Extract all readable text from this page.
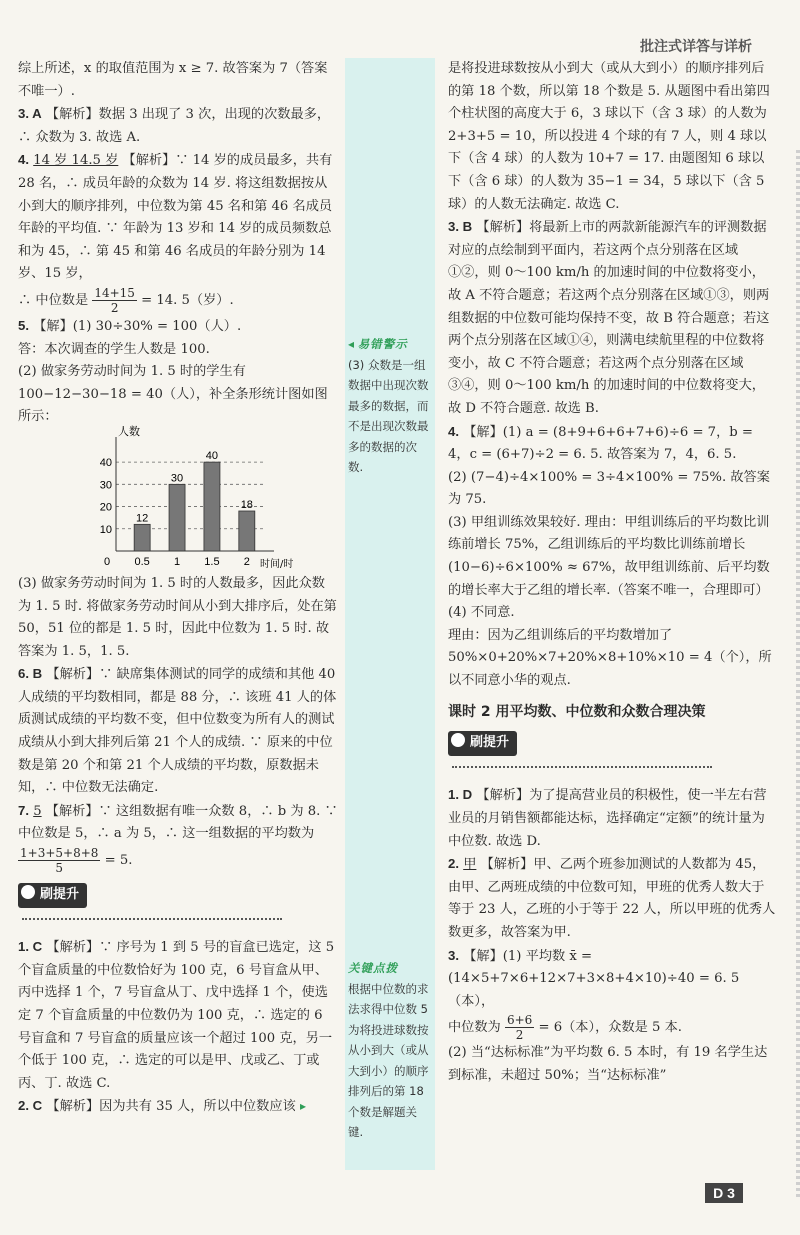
批注式详答与详析

综上所述，x 的取值范围为 x ≥ 7. 故答案为 7（答案不唯一）.

3. A 【解析】数据 3 出现了 3 次，出现的次数最多，∴ 众数为 3. 故选 A.

4. 14 岁 14.5 岁 【解析】∵ 14 岁的成员最多，共有 28 名，∴ 成员年龄的众数为 14 岁. 将这组数据按从小到大的顺序排列，中位数为第 45 名和第 46 名成员年龄的平均值. ∵ 年龄为 13 岁和 14 岁的成员频数总和为 45，∴ 第 45 和第 46 名成员的年龄分别为 14 岁、15 岁，

∴ 中位数是 $\frac{14+15}{2} = 14$. 5（岁）.

5. 【解】(1) 30÷30% = 100（人）.

答：本次调查的学生人数是 100.

(2) 做家务劳动时间为 1. 5 时的学生有 100−12−30−18 = 40（人），补全条形统计图如图所示：

10
20
30
40
0
人数
时间/时
12
0.5
30
1
40
1.5
18
2

(3) 做家务劳动时间为 1. 5 时的人数最多，因此众数为 1. 5 时. 将做家务劳动时间从小到大排序后，处在第 50，51 位的都是 1. 5 时，因此中位数为 1. 5 时. 故答案为 1. 5，1. 5.

6. B 【解析】∵ 缺席集体测试的同学的成绩和其他 40 人成绩的平均数相同，都是 88 分，∴ 该班 41 人的体质测试成绩的平均数不变，但中位数变为所有人的测试成绩从小到大排列后第 21 个人的成绩. ∵ 原来的中位数是第 20 个和第 21 个人成绩的平均数，原数据未知，∴ 中位数无法确定.

7. 5 【解析】∵ 这组数据有唯一众数 8，∴ b 为 8. ∵ 中位数是 5，∴ a 为 5，∴ 这一组数据的平均数为
$\frac{1+3+5+8+8}{5} = 5$.

刷提升

1. C 【解析】∵ 序号为 1 到 5 号的盲盒已选定，这 5 个盲盒质量的中位数恰好为 100 克，6 号盲盒从甲、丙中选择 1 个，7 号盲盒从丁、戊中选择 1 个，使选定 7 个盲盒质量的中位数仍为 100 克，∴ 选定的 6 号盲盒和 7 号盲盒的质量应该一个超过 100 克，另一个低于 100 克，∴ 选定的可以是甲、戊或乙、丁或丙、丁. 故选 C.

2. C 【解析】因为共有 35 人，所以中位数应该 ▸

◂ 易错警示
(3) 众数是一组数据中出现次数最多的数据，而不是出现次数最多的数据的次数.
关键点拨
根据中位数的求法求得中位数 5 为将投进球数按从小到大（或从大到小）的顺序排列后的第 18 个数是解题关键.

是将投进球数按从小到大（或从大到小）的顺序排列后的第 18 个数，所以第 18 个数是 5. 从题图中看出第四个柱状图的高度大于 6，3 球以下（含 3 球）的人数为 2+3+5 = 10，所以投进 4 个球的有 7 人，则 4 球以下（含 4 球）的人数为 10+7 = 17. 由题图知 6 球以下（含 6 球）的人数为 35−1 = 34，5 球以下（含 5 球）的人数无法确定. 故选 C.

3. B 【解析】将最新上市的两款新能源汽车的评测数据对应的点绘制到平面内，若这两个点分别落在区域①②，则 0～100 km/h 的加速时间的中位数将变小，故 A 不符合题意；若这两个点分别落在区域①③，则两组数据的中位数可能均保持不变，故 B 符合题意；若这两个点分别落在区域①④，则满电续航里程的中位数将变小，故 C 不符合题意；若这两个点分别落在区域③④，则 0～100 km/h 的加速时间的中位数将变大，故 D 不符合题意. 故选 B.

4. 【解】(1) a = (8+9+6+6+7+6)÷6 = 7，b = 4，c = (6+7)÷2 = 6. 5. 故答案为 7，4，6. 5.

(2) (7−4)÷4×100% = 3÷4×100% = 75%. 故答案为 75.

(3) 甲组训练效果较好. 理由：甲组训练后的平均数比训练前增长 75%，乙组训练后的平均数比训练前增长 (10−6)÷6×100% ≈ 67%，故甲组训练前、后平均数的增长率大于乙组的增长率.（答案不唯一，合理即可）

(4) 不同意.

理由：因为乙组训练后的平均数增加了 50%×0+20%×7+20%×8+10%×10 = 4（个），所以不同意小华的观点.

课时 2 用平均数、中位数和众数合理决策
刷提升

1. D 【解析】为了提高营业员的积极性，使一半左右营业员的月销售额都能达标，选择确定“定额”的统计量为中位数. 故选 D.

2. 甲 【解析】甲、乙两个班参加测试的人数都为 45，由甲、乙两班成绩的中位数可知，甲班的优秀人数大于等于 23 人，乙班的小于等于 22 人，所以甲班的优秀人数更多，故答案为甲.

3. 【解】(1) 平均数 x̄ = (14×5+7×6+12×7+3×8+4×10)÷40 = 6. 5（本），

中位数为 $\frac{6+6}{2} = 6$（本），众数是 5 本.

(2) 当“达标标准”为平均数 6. 5 本时，有 19 名学生达到标准，未超过 50%；当“达标标准”

D 3
